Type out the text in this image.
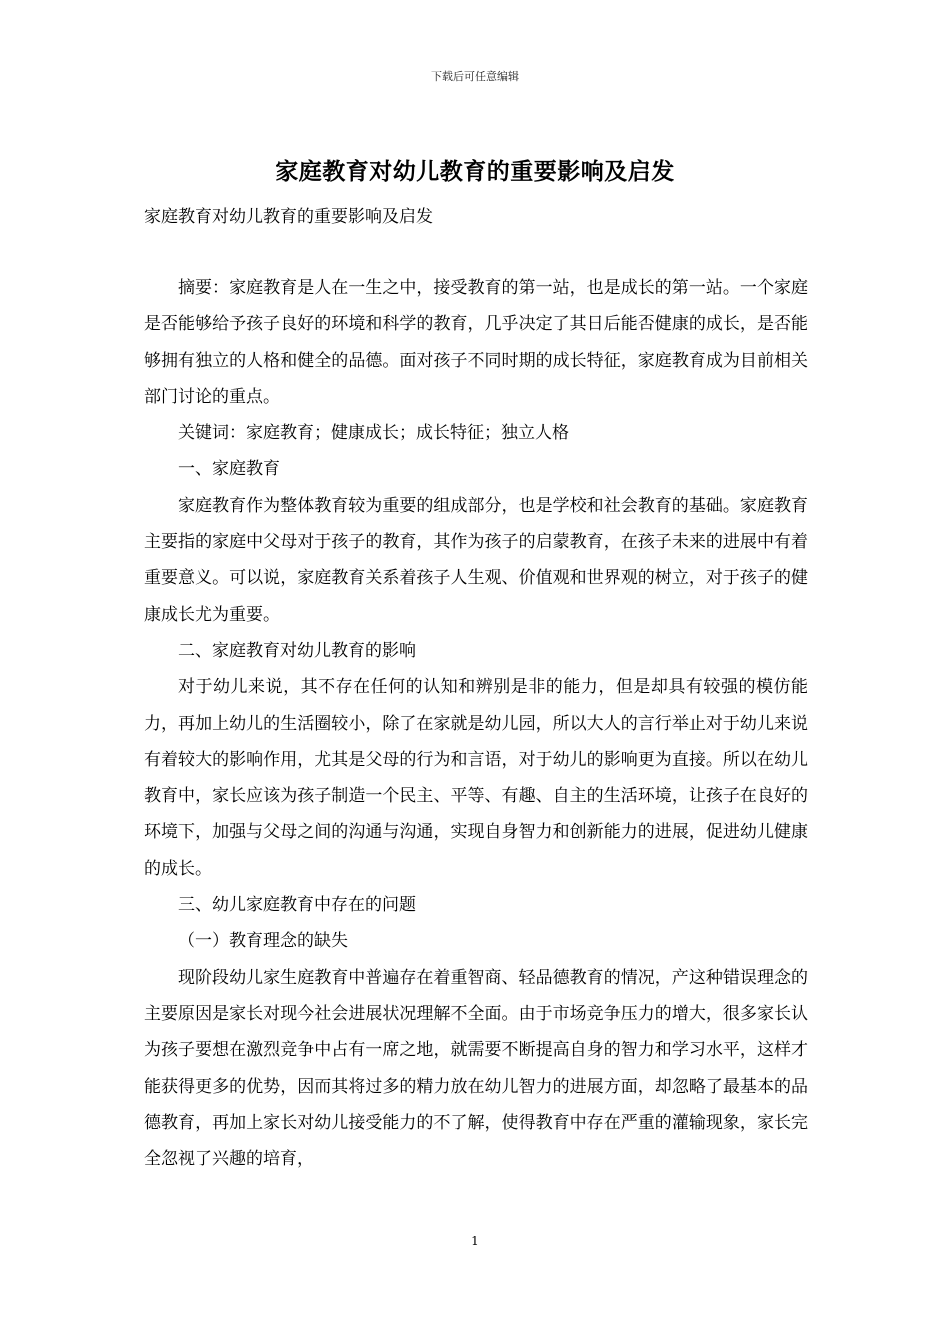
下载后可任意编辑
家庭教育对幼儿教育的重要影响及启发
家庭教育对幼儿教育的重要影响及启发

摘要：家庭教育是人在一生之中，接受教育的第一站，也是成长的第一站。一个家庭是否能够给予孩子良好的环境和科学的教育，几乎决定了其日后能否健康的成长，是否能够拥有独立的人格和健全的品德。面对孩子不同时期的成长特征，家庭教育成为目前相关部门讨论的重点。

关键词：家庭教育；健康成长；成长特征；独立人格

一、家庭教育

家庭教育作为整体教育较为重要的组成部分，也是学校和社会教育的基础。家庭教育主要指的家庭中父母对于孩子的教育，其作为孩子的启蒙教育，在孩子未来的进展中有着重要意义。可以说，家庭教育关系着孩子人生观、价值观和世界观的树立，对于孩子的健康成长尤为重要。

二、家庭教育对幼儿教育的影响

对于幼儿来说，其不存在任何的认知和辨别是非的能力，但是却具有较强的模仿能力，再加上幼儿的生活圈较小，除了在家就是幼儿园，所以大人的言行举止对于幼儿来说有着较大的影响作用，尤其是父母的行为和言语，对于幼儿的影响更为直接。所以在幼儿教育中，家长应该为孩子制造一个民主、平等、有趣、自主的生活环境，让孩子在良好的环境下，加强与父母之间的沟通与沟通，实现自身智力和创新能力的进展，促进幼儿健康的成长。

三、幼儿家庭教育中存在的问题

（一）教育理念的缺失

现阶段幼儿家生庭教育中普遍存在着重智商、轻品德教育的情况，产这种错误理念的主要原因是家长对现今社会进展状况理解不全面。由于市场竞争压力的增大，很多家长认为孩子要想在激烈竞争中占有一席之地，就需要不断提高自身的智力和学习水平，这样才能获得更多的优势，因而其将过多的精力放在幼儿智力的进展方面，却忽略了最基本的品德教育，再加上家长对幼儿接受能力的不了解，使得教育中存在严重的灌输现象，家长完全忽视了兴趣的培育，

1
